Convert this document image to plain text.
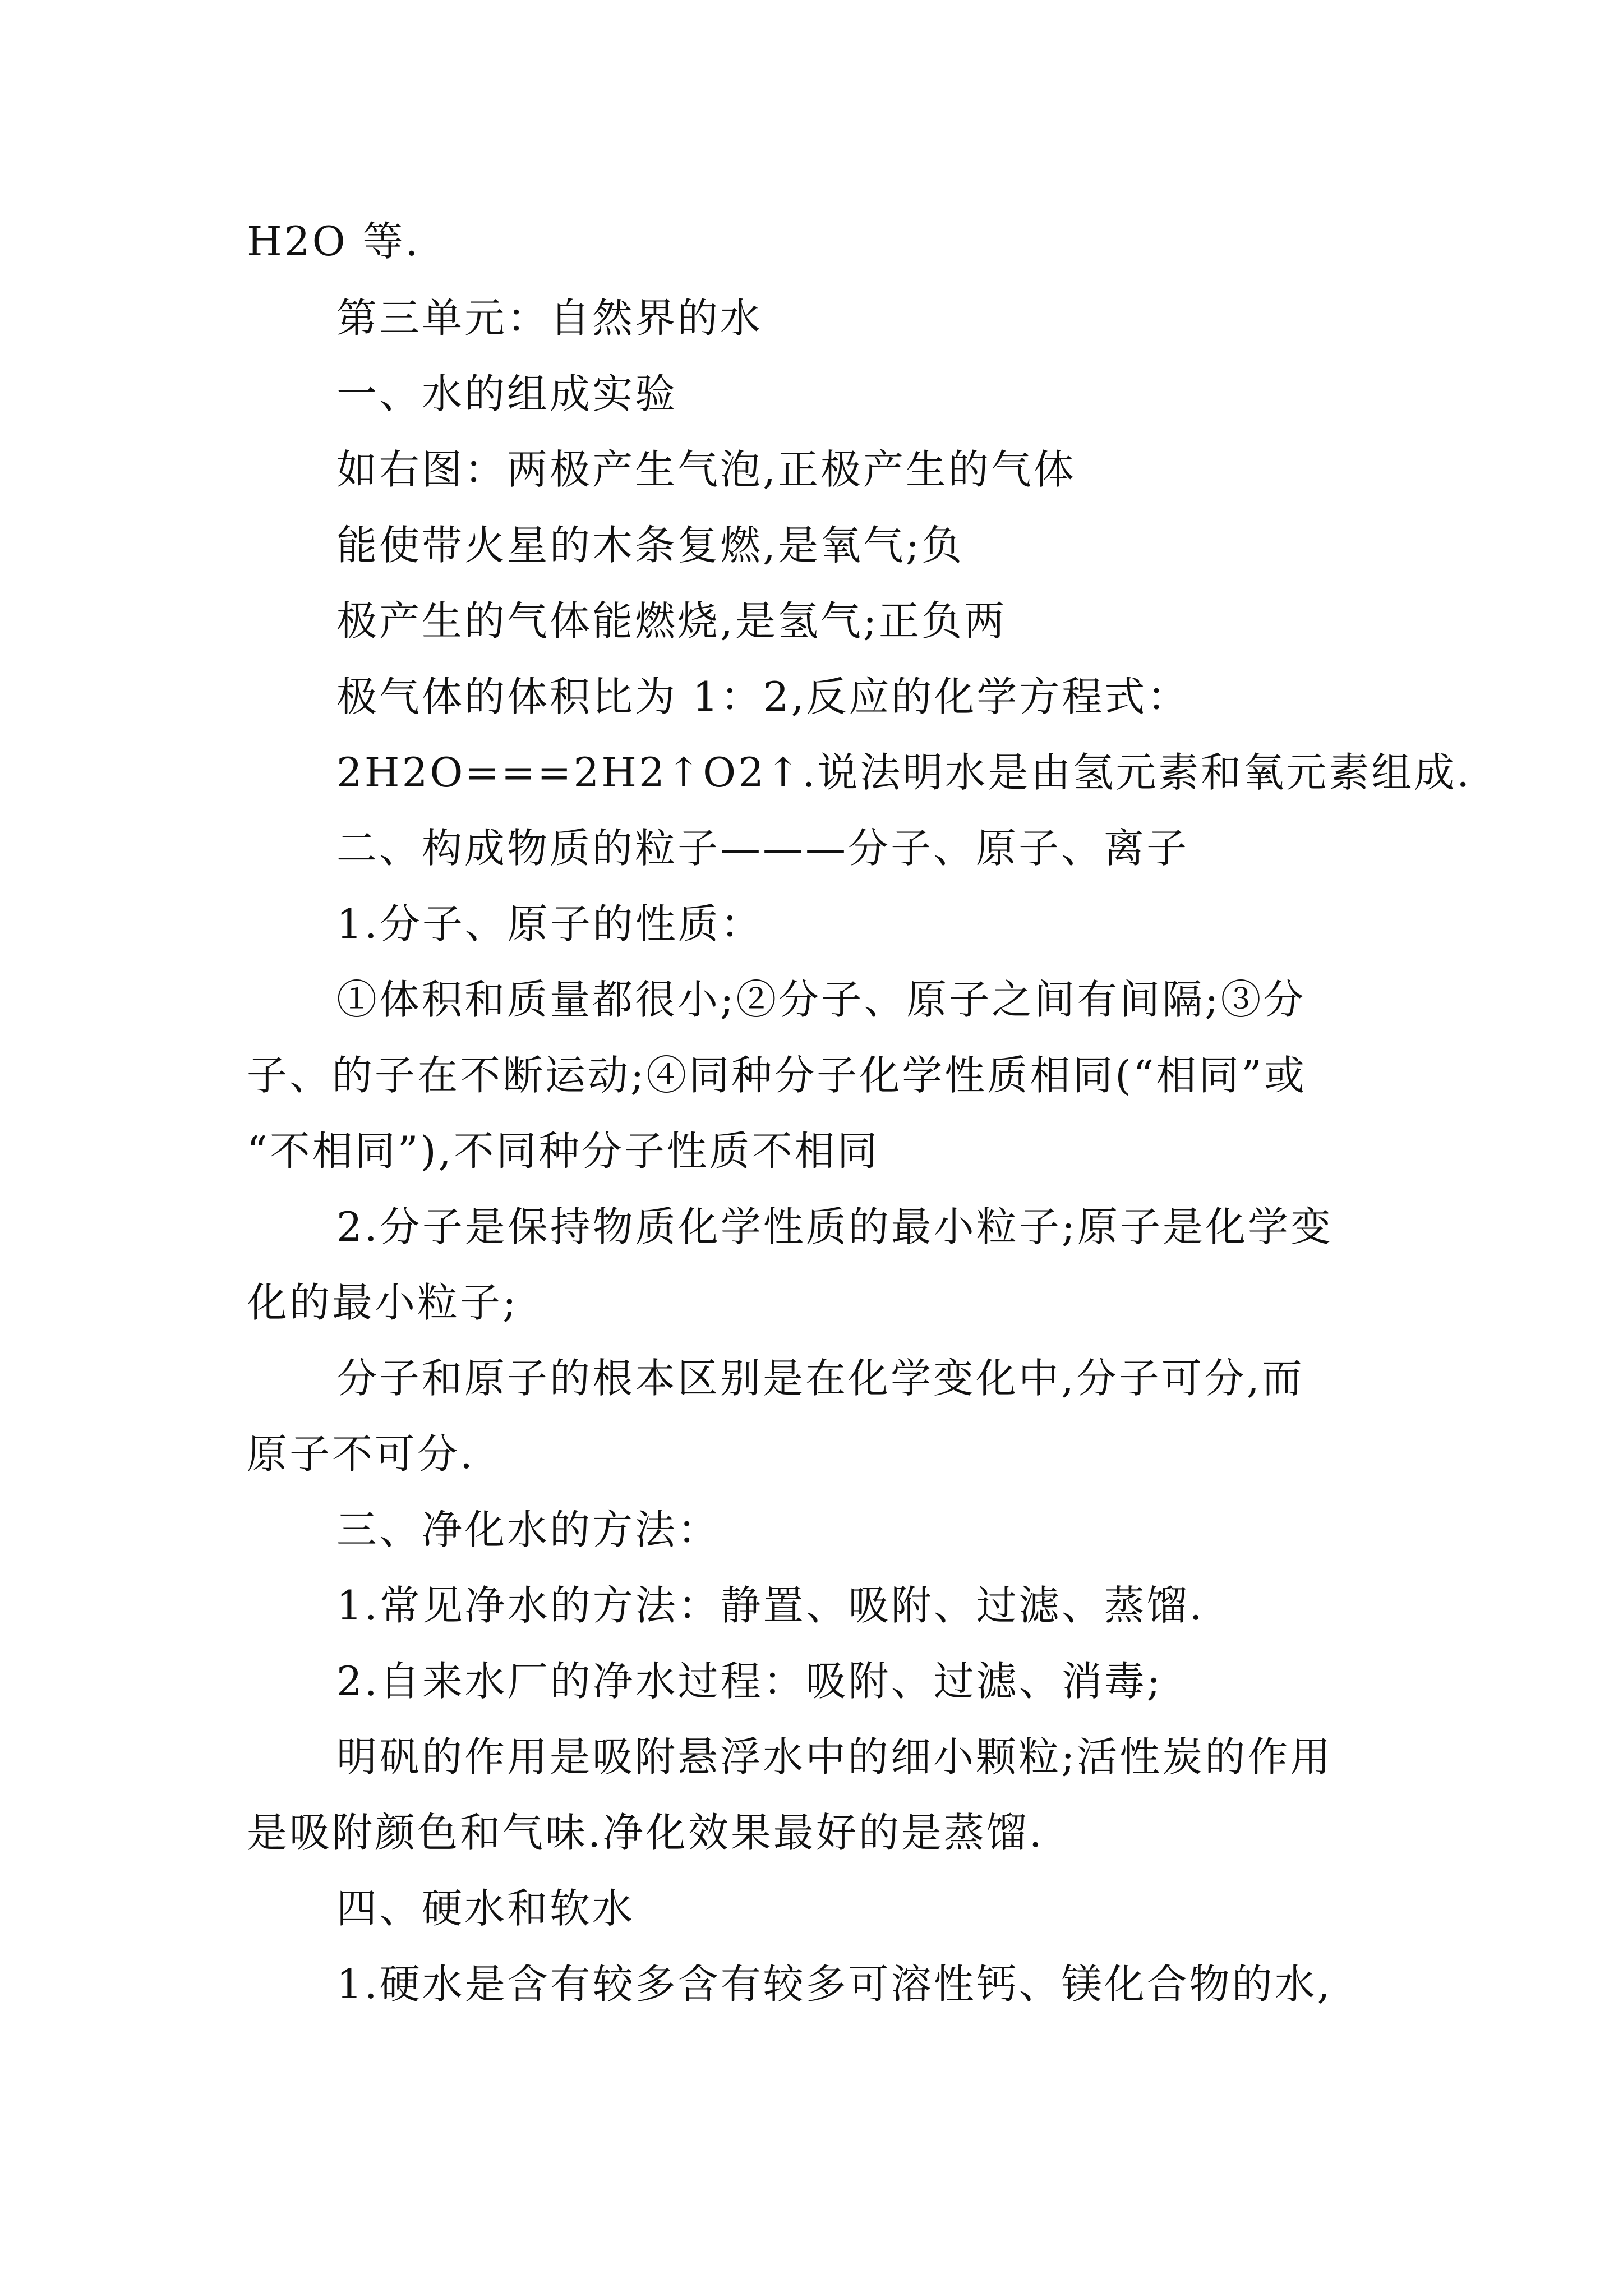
H2O 等.
第三单元：自然界的水
一、水的组成实验
如右图：两极产生气泡,正极产生的气体
能使带火星的木条复燃,是氧气;负
极产生的气体能燃烧,是氢气;正负两
极气体的体积比为 1：2,反应的化学方程式：
2H2O===2H2↑O2↑.说法明水是由氢元素和氧元素组成.
二、构成物质的粒子———分子、原子、离子
1.分子、原子的性质：
①体积和质量都很小;②分子、原子之间有间隔;③分
子、的子在不断运动;④同种分子化学性质相同(“相同”或
“不相同”),不同种分子性质不相同
2.分子是保持物质化学性质的最小粒子;原子是化学变
化的最小粒子;
分子和原子的根本区别是在化学变化中,分子可分,而
原子不可分.
三、净化水的方法：
1.常见净水的方法：静置、吸附、过滤、蒸馏.
2.自来水厂的净水过程：吸附、过滤、消毒;
明矾的作用是吸附悬浮水中的细小颗粒;活性炭的作用
是吸附颜色和气味.净化效果最好的是蒸馏.
四、硬水和软水
1.硬水是含有较多含有较多可溶性钙、镁化合物的水,
